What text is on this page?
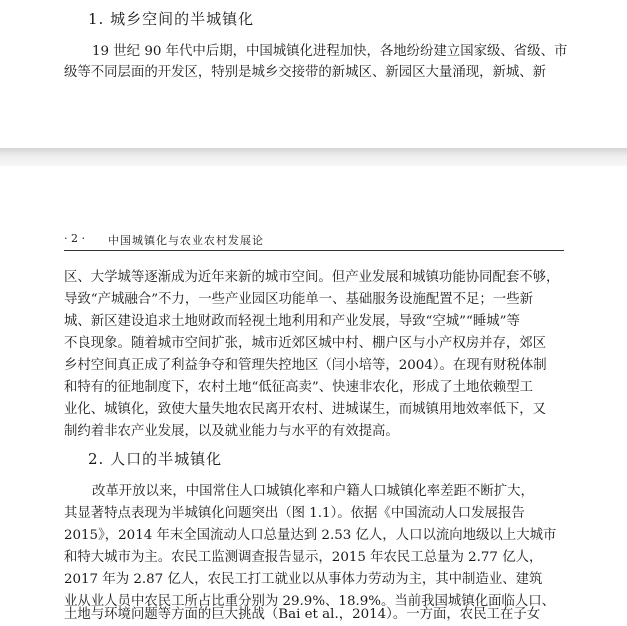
1. 城乡空间的半城镇化
19 世纪 90 年代中后期，中国城镇化进程加快，各地纷纷建立国家级、省级、市
级等不同层面的开发区，特别是城乡交接带的新城区、新园区大量涌现，新城、新
· 2 · 中国城镇化与农业农村发展论
区、大学城等逐渐成为近年来新的城市空间。但产业发展和城镇功能协同配套不够，
导致“产城融合”不力，一些产业园区功能单一、基础服务设施配置不足；一些新
城、新区建设追求土地财政而轻视土地利用和产业发展，导致“空城”“睡城”等
不良现象。随着城市空间扩张，城市近郊区城中村、棚户区与小产权房并存，郊区
乡村空间真正成了利益争夺和管理失控地区（闫小培等，2004）。在现有财税体制
和特有的征地制度下，农村土地“低征高卖”、快速非农化，形成了土地依赖型工
业化、城镇化，致使大量失地农民离开农村、进城谋生，而城镇用地效率低下，又
制约着非农产业发展，以及就业能力与水平的有效提高。
2. 人口的半城镇化
改革开放以来，中国常住人口城镇化率和户籍人口城镇化率差距不断扩大，
其显著特点表现为半城镇化问题突出（图 1.1）。依据《中国流动人口发展报告
2015》，2014 年末全国流动人口总量达到 2.53 亿人，人口以流向地级以上大城市
和特大城市为主。农民工监测调查报告显示，2015 年农民工总量为 2.77 亿人，
2017 年为 2.87 亿人，农民工打工就业以从事体力劳动为主，其中制造业、建筑
业从业人员中农民工所占比重分别为 29.9%、18.9%。当前我国城镇化面临人口、
土地与环境问题等方面的巨大挑战（Bai et al.，2014）。一方面，农民工在子女
